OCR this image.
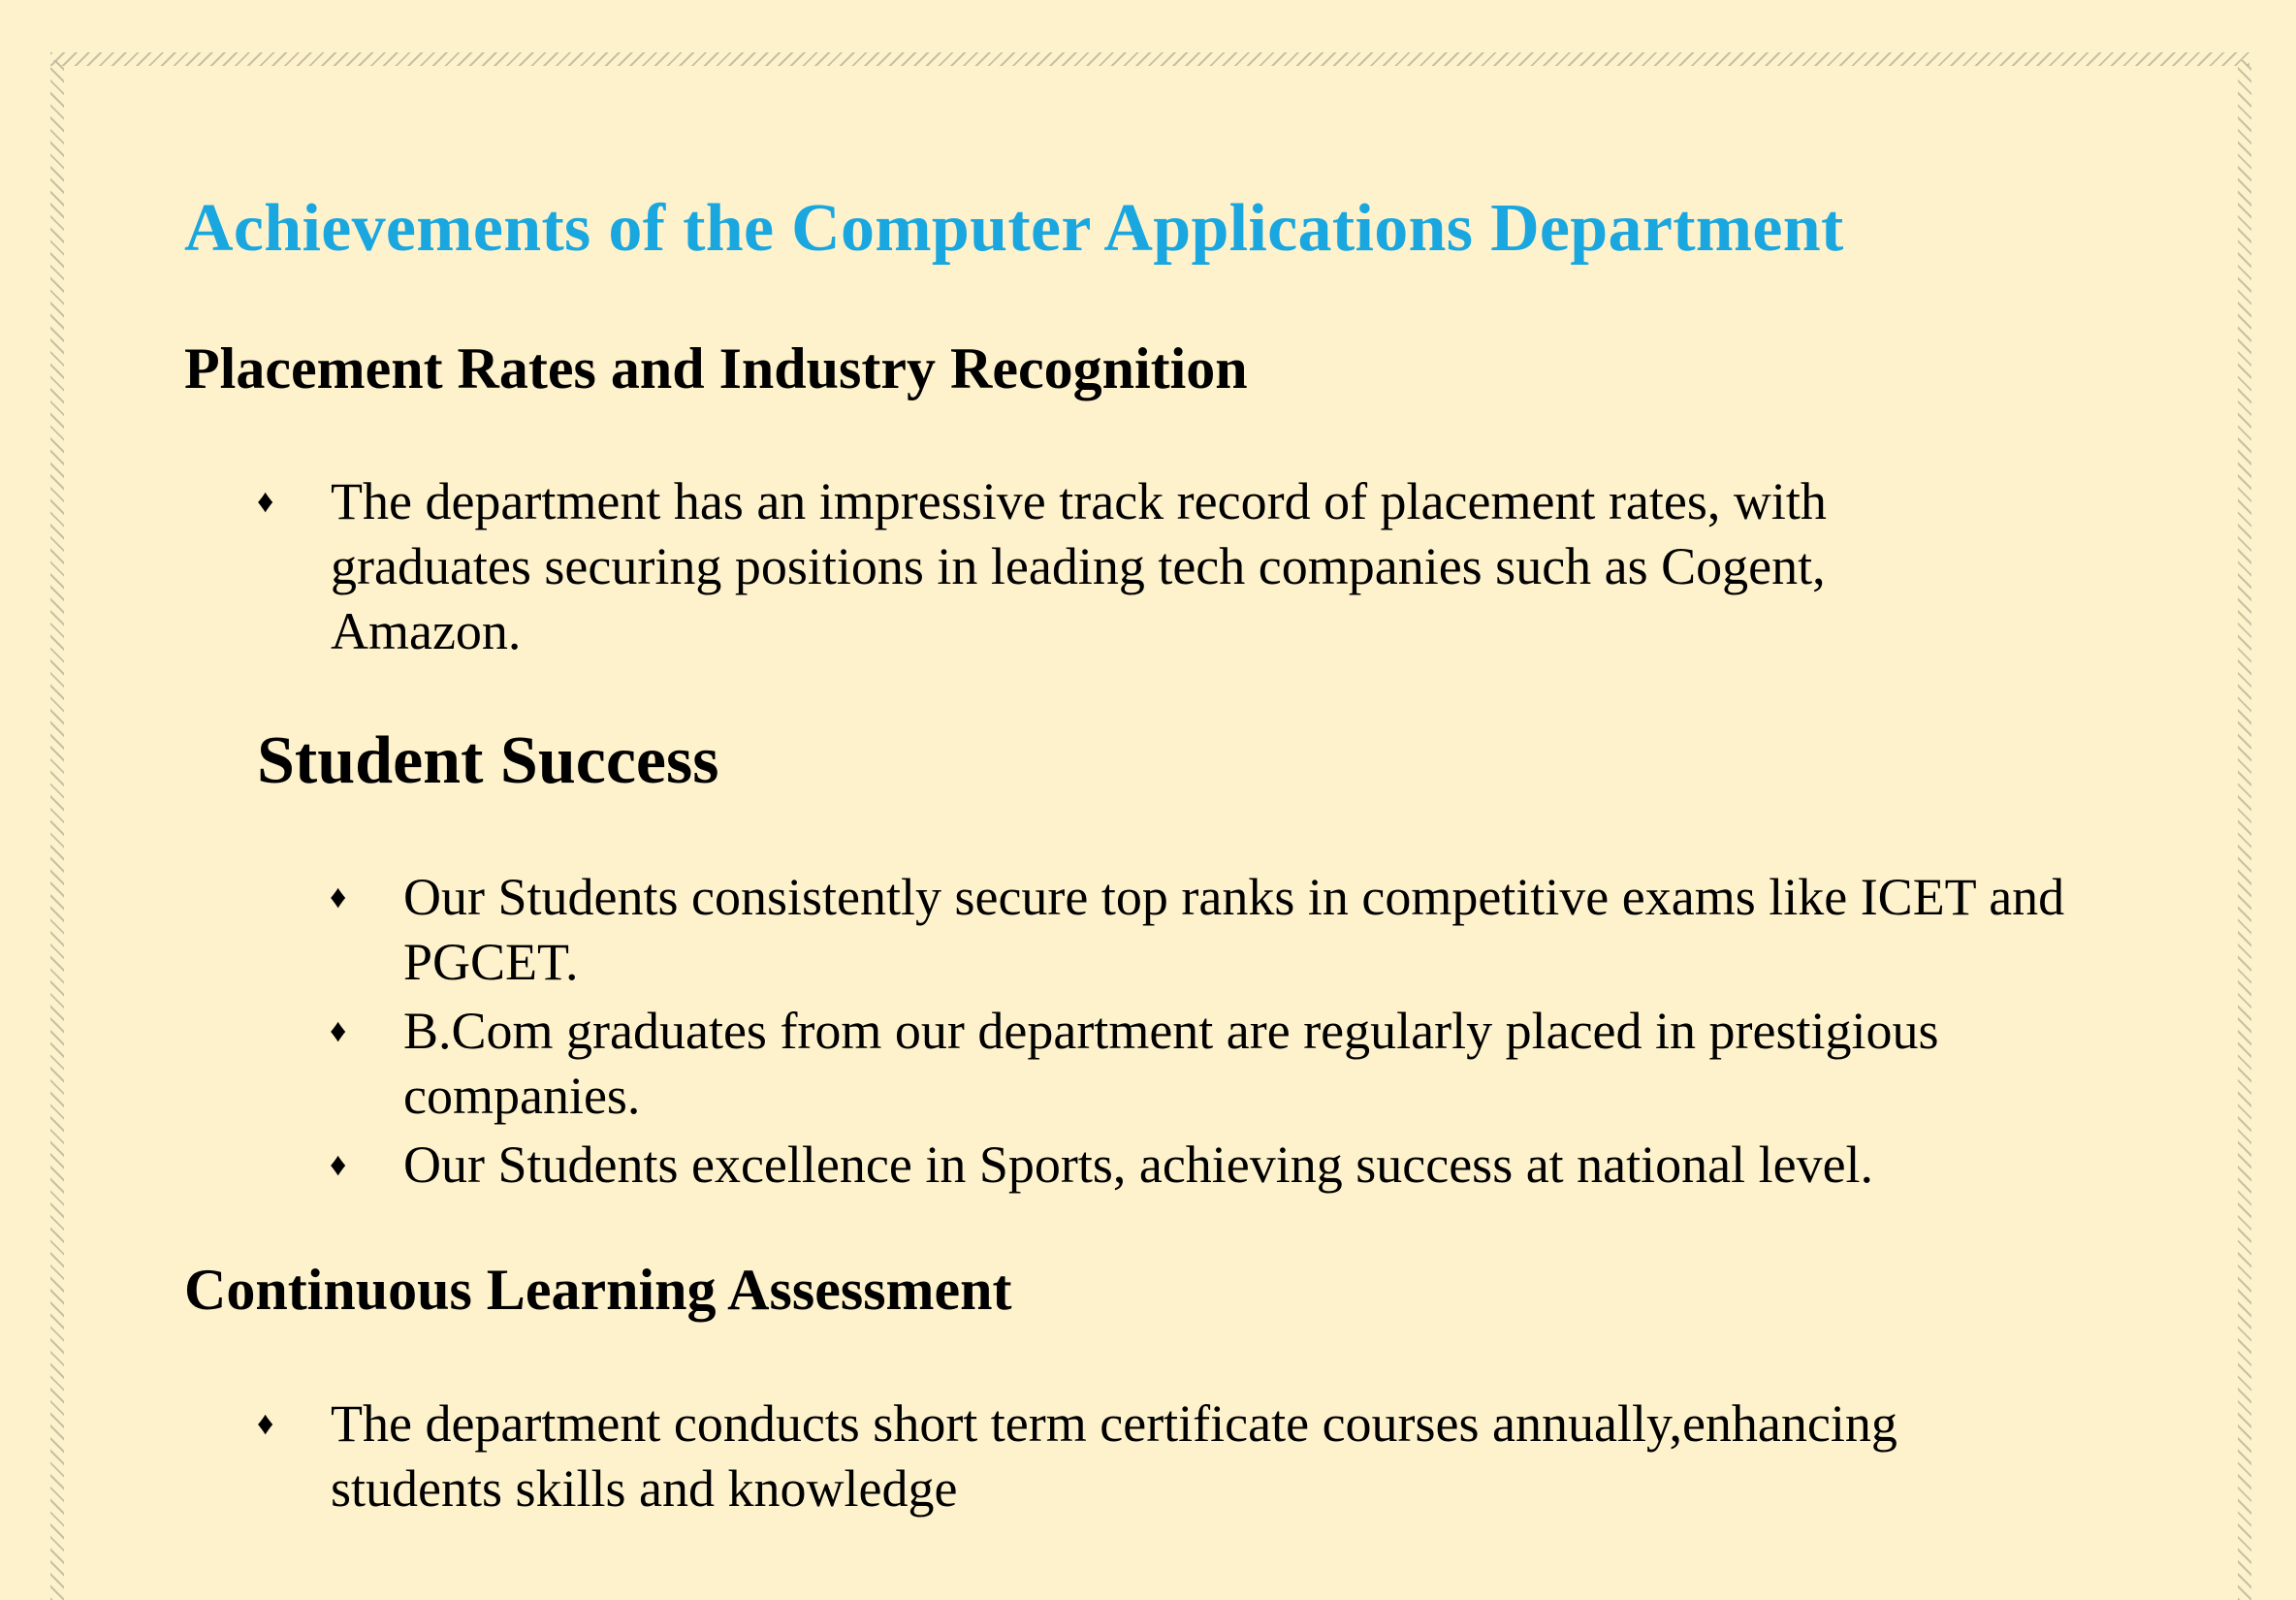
Achievements of the Computer Applications Department
Placement Rates and Industry Recognition
♦ The department has an impressive track record of placement rates, with graduates securing positions in leading tech companies such as Cogent, Amazon.
Student Success
♦ Our Students consistently secure top ranks in competitive exams like ICET and PGCET.
♦ B.Com graduates from our department are regularly placed in prestigious companies.
♦ Our Students excellence in Sports, achieving success at national level.
Continuous Learning Assessment
♦ The department conducts short term certificate courses annually,enhancing students skills and knowledge
